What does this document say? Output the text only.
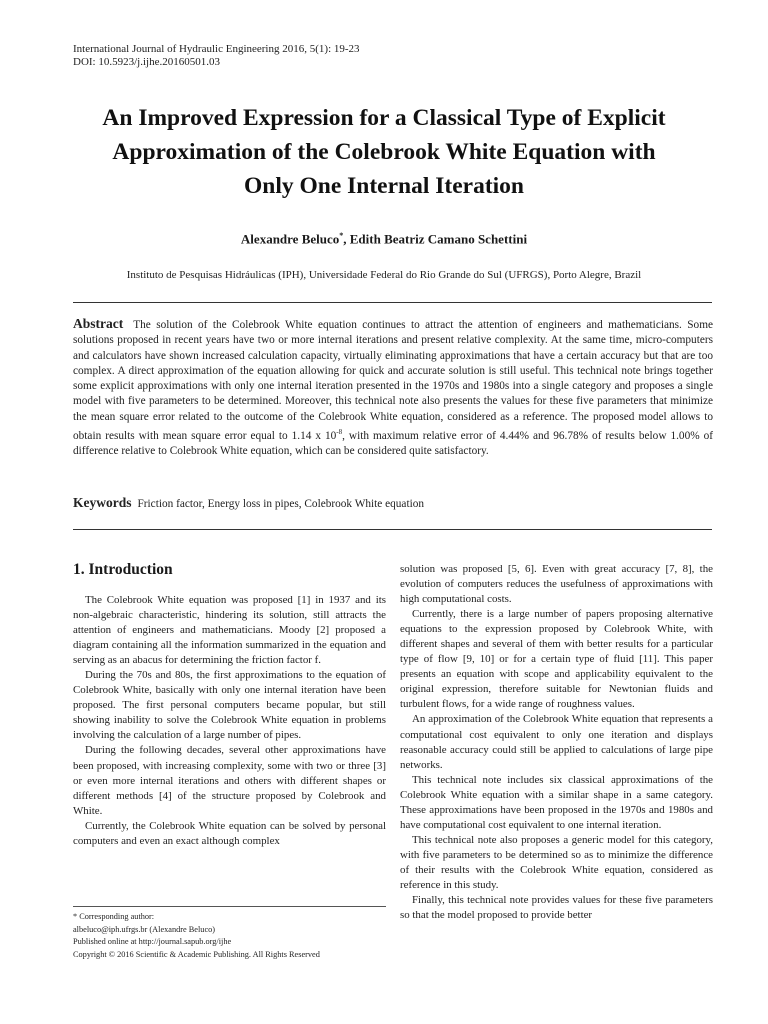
International Journal of Hydraulic Engineering 2016, 5(1): 19-23
DOI: 10.5923/j.ijhe.20160501.03
An Improved Expression for a Classical Type of Explicit
Approximation of the Colebrook White Equation with
Only One Internal Iteration
Alexandre Beluco*, Edith Beatriz Camano Schettini
Instituto de Pesquisas Hidráulicas (IPH), Universidade Federal do Rio Grande do Sul (UFRGS), Porto Alegre, Brazil
Abstract The solution of the Colebrook White equation continues to attract the attention of engineers and mathematicians. Some solutions proposed in recent years have two or more internal iterations and present relative complexity. At the same time, micro-computers and calculators have shown increased calculation capacity, virtually eliminating approximations that have a certain accuracy but that are too complex. A direct approximation of the equation allowing for quick and accurate solution is still useful. This technical note brings together some explicit approximations with only one internal iteration presented in the 1970s and 1980s into a single category and proposes a single model with five parameters to be determined. Moreover, this technical note also presents the values for these five parameters that minimize the mean square error related to the outcome of the Colebrook White equation, considered as a reference. The proposed model allows to obtain results with mean square error equal to 1.14 x $10^{-8}$, with maximum relative error of 4.44% and 96.78% of results below 1.00% of difference relative to Colebrook White equation, which can be considered quite satisfactory.
Keywords Friction factor, Energy loss in pipes, Colebrook White equation
1. Introduction

The Colebrook White equation was proposed [1] in 1937 and its non-algebraic characteristic, hindering its solution, still attracts the attention of engineers and mathematicians. Moody [2] proposed a diagram containing all the information summarized in the equation and serving as an abacus for determining the friction factor f.

During the 70s and 80s, the first approximations to the equation of Colebrook White, basically with only one internal iteration have been proposed. The first personal computers became popular, but still showing inability to solve the Colebrook White equation in problems involving the calculation of a large number of pipes.

During the following decades, several other approximations have been proposed, with increasing complexity, some with two or three [3] or even more internal iterations and others with different shapes or different methods [4] of the structure proposed by Colebrook and White.

Currently, the Colebrook White equation can be solved by personal computers and even an exact although complex

solution was proposed [5, 6]. Even with great accuracy [7, 8], the evolution of computers reduces the usefulness of approximations with high computational costs.

Currently, there is a large number of papers proposing alternative equations to the expression proposed by Colebrook White, with different shapes and several of them with better results for a particular type of flow [9, 10] or for a certain type of fluid [11]. This paper presents an equation with scope and applicability equivalent to the original expression, therefore suitable for Newtonian fluids and turbulent flows, for a wide range of roughness values.

An approximation of the Colebrook White equation that represents a computational cost equivalent to only one iteration and displays reasonable accuracy could still be applied to calculations of large pipe networks.

This technical note includes six classical approximations of the Colebrook White equation with a similar shape in a same category. These approximations have been proposed in the 1970s and 1980s and have computational cost equivalent to one internal iteration.

This technical note also proposes a generic model for this category, with five parameters to be determined so as to minimize the difference of their results with the Colebrook White equation, considered as reference in this study.

Finally, this technical note provides values for these five parameters so that the model proposed to provide better

* Corresponding author:
albeluco@iph.ufrgs.br (Alexandre Beluco)
Published online at http://journal.sapub.org/ijhe
Copyright © 2016 Scientific & Academic Publishing. All Rights Reserved
